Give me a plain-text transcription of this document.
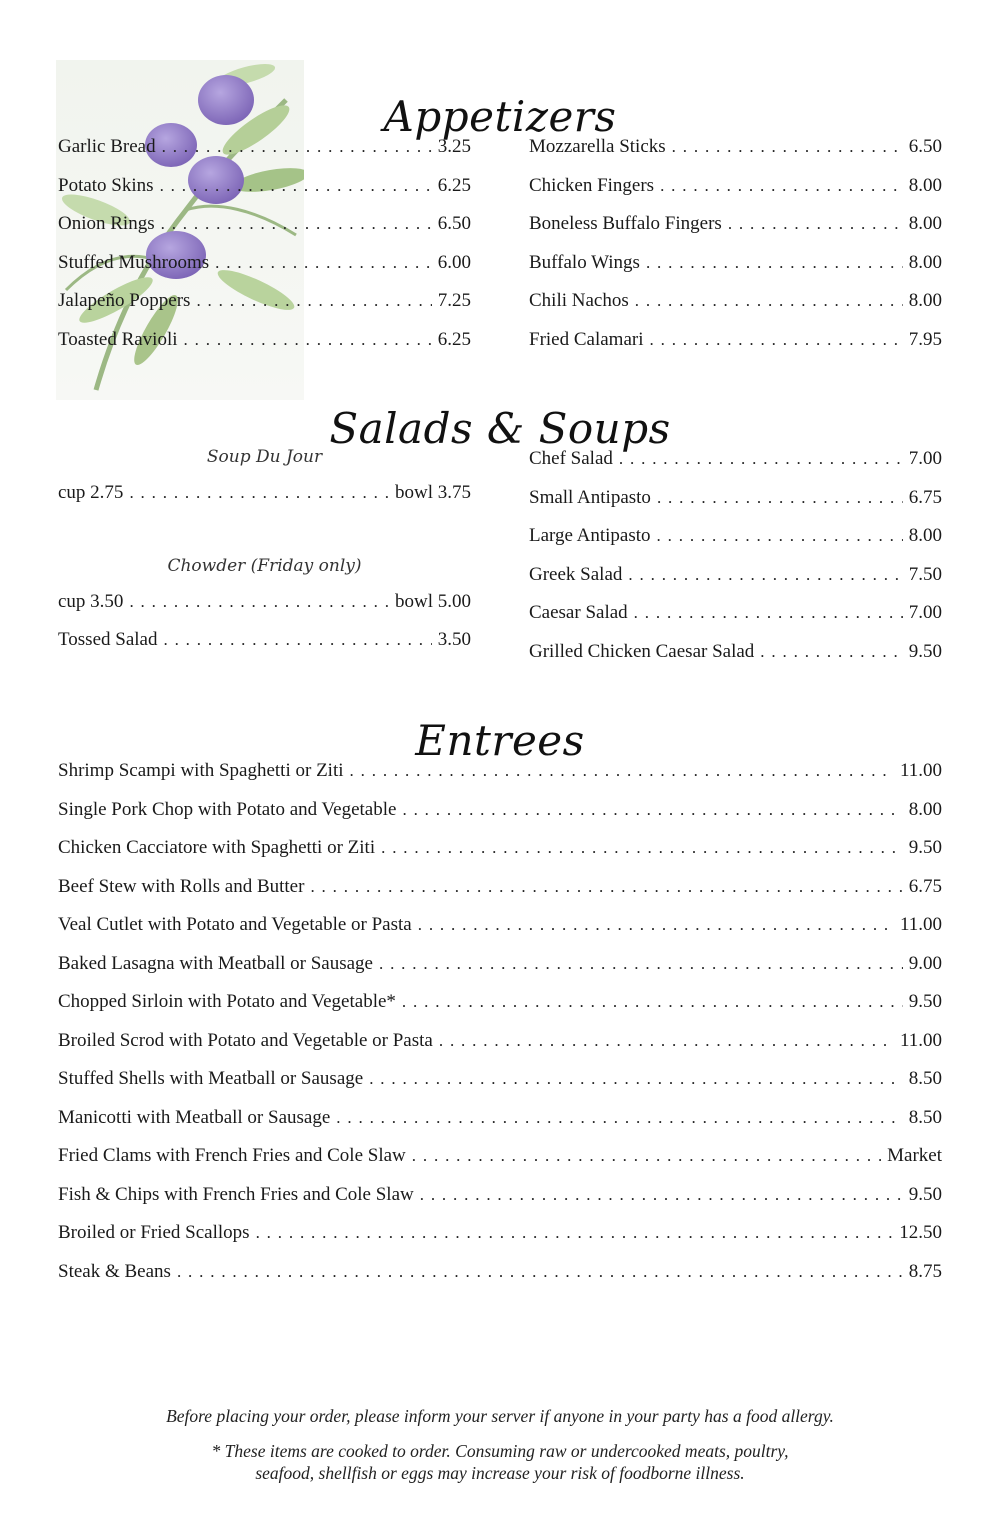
Appetizers
Garlic Bread . . .	3.25
Potato Skins . . .	6.25
Onion Rings . . .	6.50
Stuffed Mushrooms . . .	6.00
Jalapeño Poppers . . .	7.25
Toasted Ravioli . . .	6.25
Mozzarella Sticks . . .	6.50
Chicken Fingers . . .	8.00
Boneless Buffalo Fingers . . .	8.00
Buffalo Wings . . .	8.00
Chili Nachos . . .	8.00
Fried Calamari . . .	7.95
Salads & Soups
Soup Du Jour
cup 2.75 . . .	bowl 3.75
Chowder (Friday only)
cup 3.50 . . .	bowl 5.00
Tossed Salad . . .	3.50
Chef Salad . . .	7.00
Small Antipasto . . .	6.75
Large Antipasto . . .	8.00
Greek Salad . . .	7.50
Caesar Salad . . .	7.00
Grilled Chicken Caesar Salad . . .	9.50
Entrees
Shrimp Scampi with Spaghetti or Ziti . . .	11.00
Single Pork Chop with Potato and Vegetable . . .	8.00
Chicken Cacciatore with Spaghetti or Ziti . . .	9.50
Beef Stew with Rolls and Butter . . .	6.75
Veal Cutlet with Potato and Vegetable or Pasta . . .	11.00
Baked Lasagna with Meatball or Sausage . . .	9.00
Chopped Sirloin with Potato and Vegetable* . . .	9.50
Broiled Scrod with Potato and Vegetable or Pasta . . .	11.00
Stuffed Shells with Meatball or Sausage . . .	8.50
Manicotti with Meatball or Sausage . . .	8.50
Fried Clams with French Fries and Cole Slaw . . .	Market
Fish & Chips with French Fries and Cole Slaw . . .	9.50
Broiled or Fried Scallops . . .	12.50
Steak & Beans . . .	8.75
Before placing your order, please inform your server if anyone in your party has a food allergy.
* These items are cooked to order. Consuming raw or undercooked meats, poultry,
seafood, shellfish or eggs may increase your risk of foodborne illness.
